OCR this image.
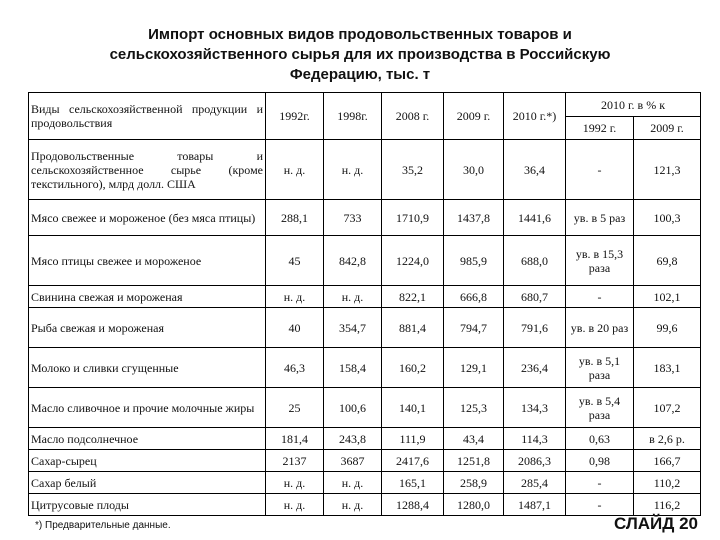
Импорт основных видов продовольственных товаров и
сельскохозяйственного сырья для их производства в Российскую
Федерацию, тыс. т
Виды сельскохозяйственной продукции и продовольствия	1992г.	1998г.	2008 г.	2009 г.	2010 г.*)	2010 г. в % к	
						1992 г.	2009 г.
Продовольственные товары и сельскохозяйственное сырье (кроме текстильного), млрд долл. США	н. д.	н. д.	35,2	30,0	36,4	-	121,3
Мясо свежее и мороженое (без мяса птицы)	288,1	733	1710,9	1437,8	1441,6	ув. в 5 раз	100,3
Мясо птицы свежее и мороженое	45	842,8	1224,0	985,9	688,0	ув. в 15,3 раза	69,8
Свинина свежая и мороженая	н. д.	н. д.	822,1	666,8	680,7	-	102,1
Рыба свежая и мороженая	40	354,7	881,4	794,7	791,6	ув. в 20 раз	99,6
Молоко и сливки сгущенные	46,3	158,4	160,2	129,1	236,4	ув. в 5,1 раза	183,1
Масло сливочное и прочие молочные жиры	25	100,6	140,1	125,3	134,3	ув. в 5,4 раза	107,2
Масло подсолнечное	181,4	243,8	111,9	43,4	114,3	0,63	в 2,6 р.
Сахар-сырец	2137	3687	2417,6	1251,8	2086,3	0,98	166,7
Сахар белый	н. д.	н. д.	165,1	258,9	285,4	-	110,2
Цитрусовые плоды	н. д.	н. д.	1288,4	1280,0	1487,1	-	116,2

*) Предварительные данные.	СЛАЙД 20
